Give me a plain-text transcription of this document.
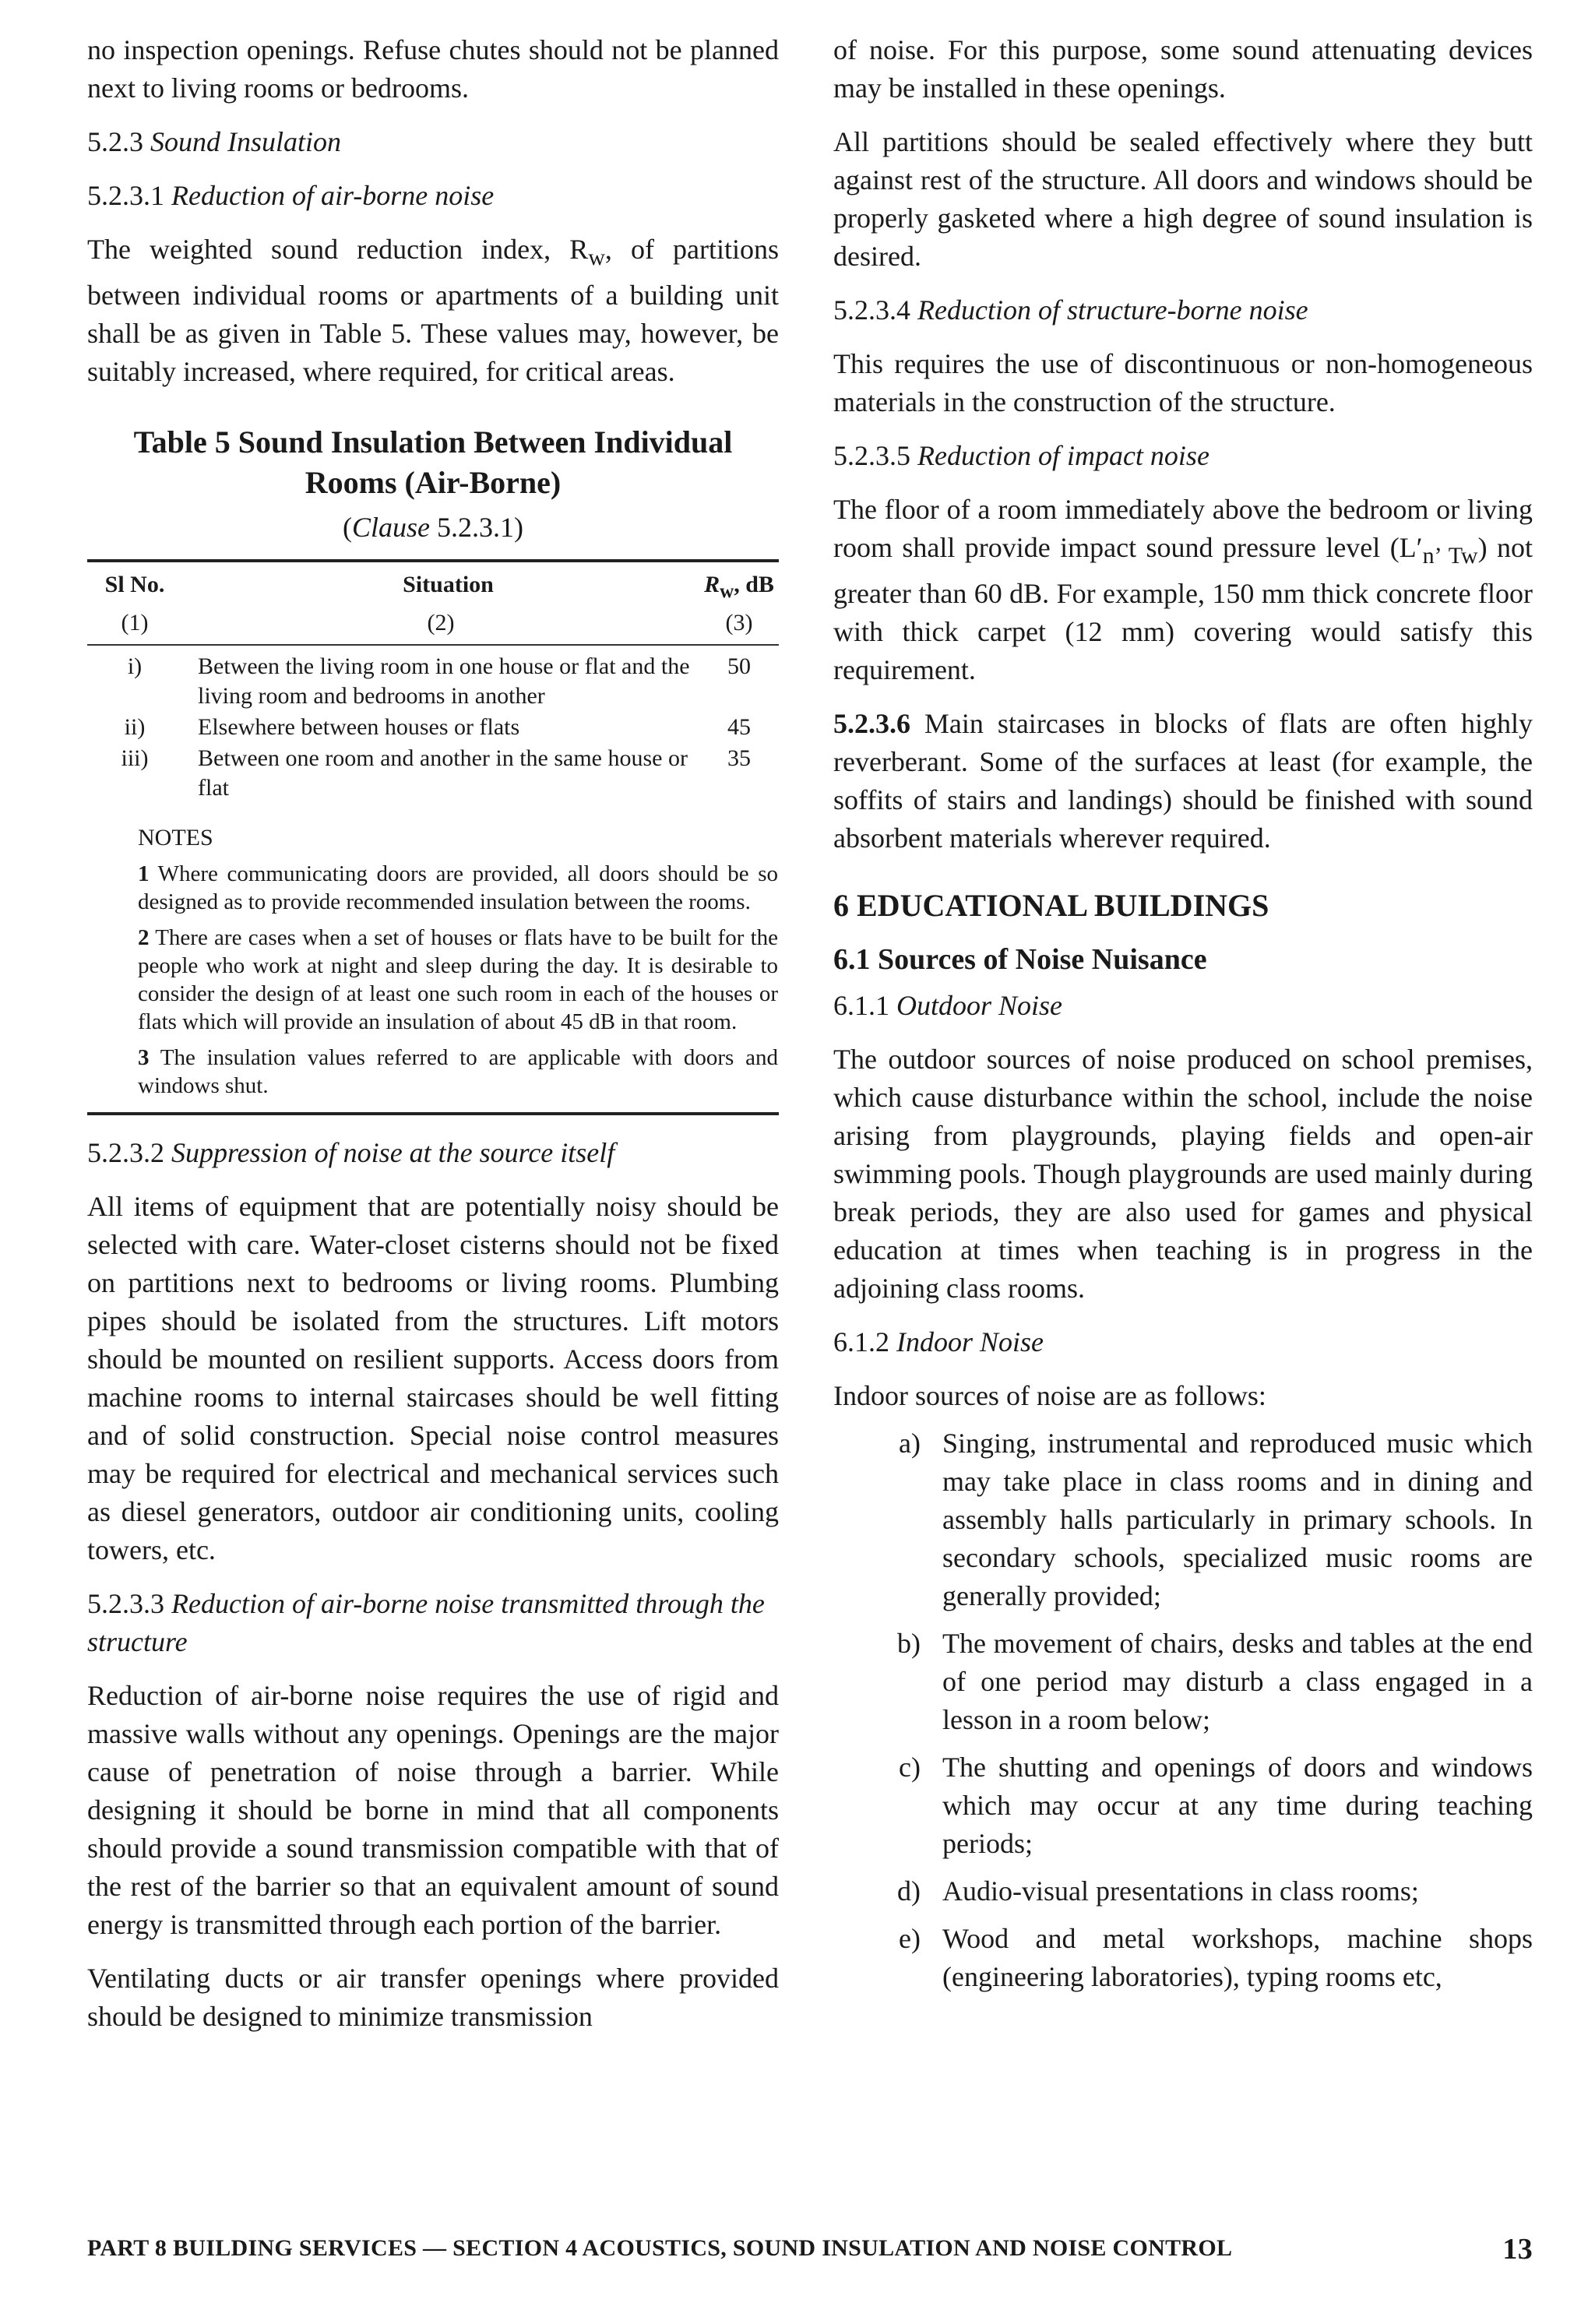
no inspection openings. Refuse chutes should not be planned next to living rooms or bedrooms.

5.2.3 Sound Insulation
5.2.3.1 Reduction of air-borne noise

The weighted sound reduction index, $R_w$, of partitions between individual rooms or apartments of a building unit shall be as given in Table 5. These values may, however, be suitably increased, where required, for critical areas.

Table 5 Sound Insulation Between Individual Rooms (Air-Borne)
(Clause 5.2.3.1)
Sl No.	Situation	$R_w$, dB
(1)	(2)	(3)
i)	Between the living room in one house or flat and the living room and bedrooms in another	50
ii)	Elsewhere between houses or flats	45
iii)	Between one room and another in the same house or flat	35
NOTES
1 Where communicating doors are provided, all doors should be so designed as to provide recommended insulation between the rooms.
2 There are cases when a set of houses or flats have to be built for the people who work at night and sleep during the day. It is desirable to consider the design of at least one such room in each of the houses or flats which will provide an insulation of about 45 dB in that room.
3 The insulation values referred to are applicable with doors and windows shut.
5.2.3.2 Suppression of noise at the source itself

All items of equipment that are potentially noisy should be selected with care. Water-closet cisterns should not be fixed on partitions next to bedrooms or living rooms. Plumbing pipes should be isolated from the structures. Lift motors should be mounted on resilient supports. Access doors from machine rooms to internal staircases should be well fitting and of solid construction. Special noise control measures may be required for electrical and mechanical services such as diesel generators, outdoor air conditioning units, cooling towers, etc.

5.2.3.3 Reduction of air-borne noise transmitted through the structure

Reduction of air-borne noise requires the use of rigid and massive walls without any openings. Openings are the major cause of penetration of noise through a barrier. While designing it should be borne in mind that all components should provide a sound transmission compatible with that of the rest of the barrier so that an equivalent amount of sound energy is transmitted through each portion of the barrier.

Ventilating ducts or air transfer openings where provided should be designed to minimize transmission

of noise. For this purpose, some sound attenuating devices may be installed in these openings.

All partitions should be sealed effectively where they butt against rest of the structure. All doors and windows should be properly gasketed where a high degree of sound insulation is desired.

5.2.3.4 Reduction of structure-borne noise

This requires the use of discontinuous or non-homogeneous materials in the construction of the structure.

5.2.3.5 Reduction of impact noise

The floor of a room immediately above the bedroom or living room shall provide impact sound pressure level $(L'_{n’ Tw})$ not greater than 60 dB. For example, 150 mm thick concrete floor with thick carpet (12 mm) covering would satisfy this requirement.

5.2.3.6 Main staircases in blocks of flats are often highly reverberant. Some of the surfaces at least (for example, the soffits of stairs and landings) should be finished with sound absorbent materials wherever required.

6 EDUCATIONAL BUILDINGS
6.1 Sources of Noise Nuisance
6.1.1 Outdoor Noise

The outdoor sources of noise produced on school premises, which cause disturbance within the school, include the noise arising from playgrounds, playing fields and open-air swimming pools. Though playgrounds are used mainly during break periods, they are also used for games and physical education at times when teaching is in progress in the adjoining class rooms.

6.1.2 Indoor Noise

Indoor sources of noise are as follows:

a) Singing, instrumental and reproduced music which may take place in class rooms and in dining and assembly halls particularly in primary schools. In secondary schools, specialized music rooms are generally provided;
b) The movement of chairs, desks and tables at the end of one period may disturb a class engaged in a lesson in a room below;
c) The shutting and openings of doors and windows which may occur at any time during teaching periods;
d) Audio-visual presentations in class rooms;
e) Wood and metal workshops, machine shops (engineering laboratories), typing rooms etc,
PART 8 BUILDING SERVICES — SECTION 4 ACOUSTICS, SOUND INSULATION AND NOISE CONTROL	13
